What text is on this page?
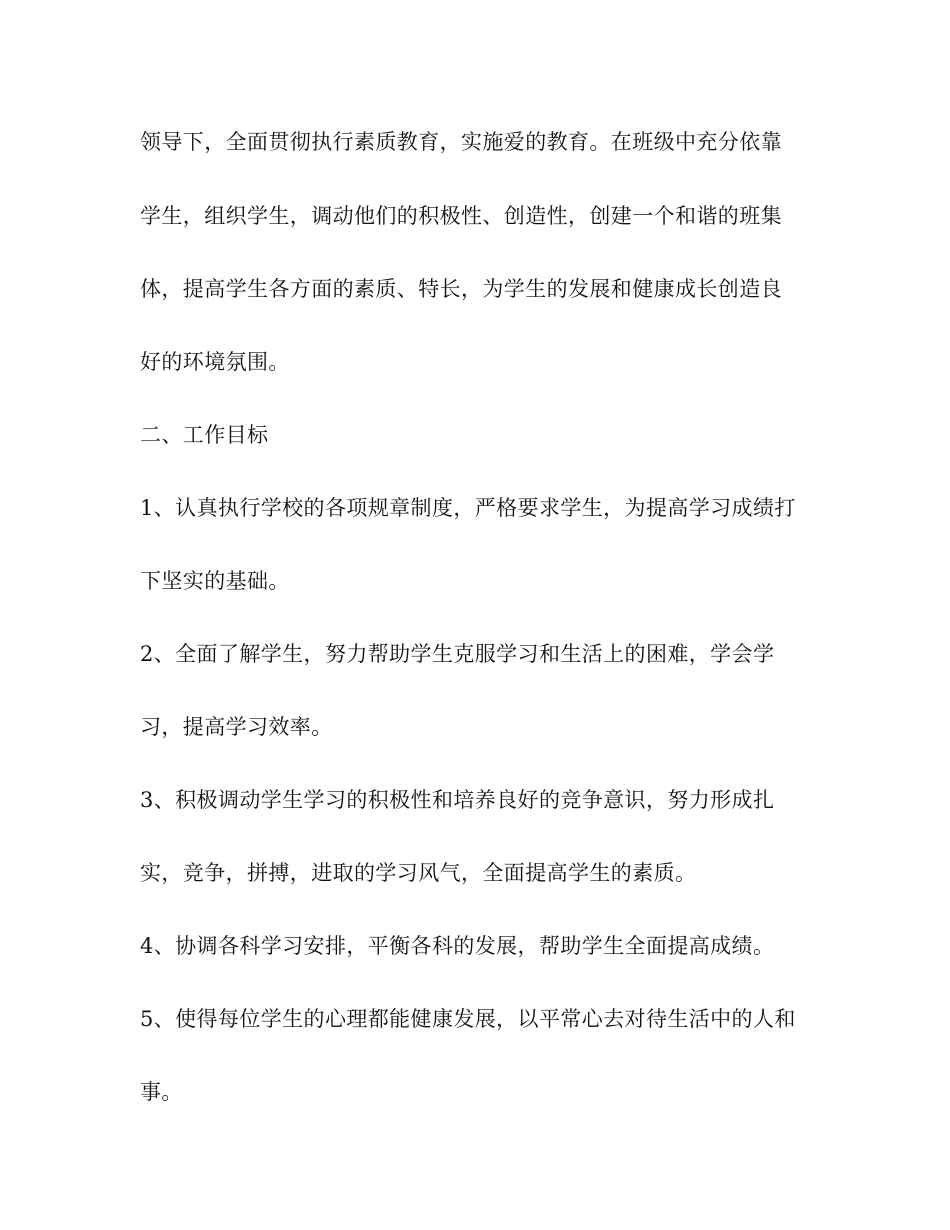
领导下，全面贯彻执行素质教育，实施爱的教育。在班级中充分依靠

学生，组织学生，调动他们的积极性、创造性，创建一个和谐的班集

体，提高学生各方面的素质、特长，为学生的发展和健康成长创造良

好的环境氛围。

二、工作目标

1、认真执行学校的各项规章制度，严格要求学生，为提高学习成绩打

下坚实的基础。

2、全面了解学生，努力帮助学生克服学习和生活上的困难，学会学

习，提高学习效率。

3、积极调动学生学习的积极性和培养良好的竞争意识，努力形成扎

实，竞争，拼搏，进取的学习风气，全面提高学生的素质。

4、协调各科学习安排，平衡各科的发展，帮助学生全面提高成绩。

5、使得每位学生的心理都能健康发展，以平常心去对待生活中的人和

事。
